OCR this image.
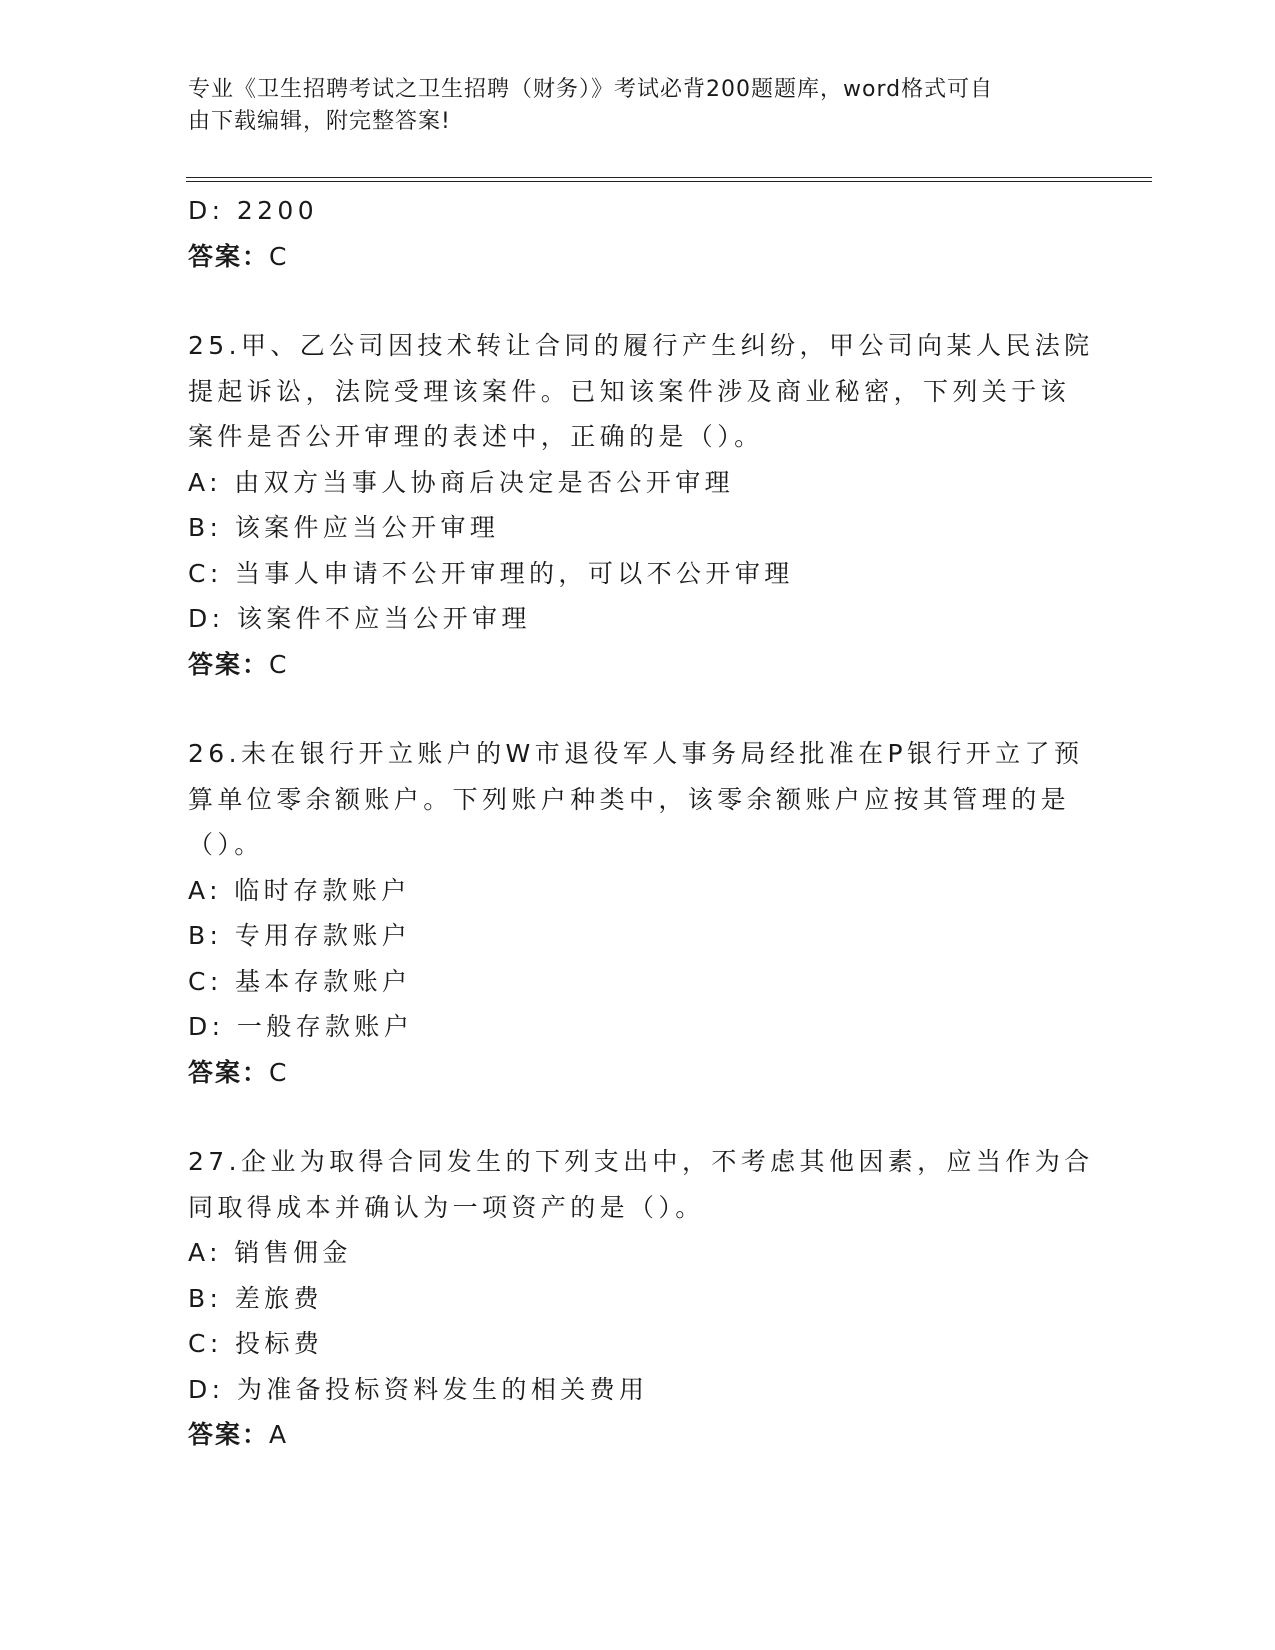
专业《卫生招聘考试之卫生招聘（财务）》考试必背200题题库，word格式可自
由下载编辑，附完整答案!
D: 2200
答案：C
25.甲、乙公司因技术转让合同的履行产生纠纷，甲公司向某人民法院
提起诉讼，法院受理该案件。已知该案件涉及商业秘密，下列关于该
案件是否公开审理的表述中，正确的是（）。
A: 由双方当事人协商后决定是否公开审理
B: 该案件应当公开审理
C: 当事人申请不公开审理的，可以不公开审理
D: 该案件不应当公开审理
答案：C
26.未在银行开立账户的W市退役军人事务局经批准在P银行开立了预
算单位零余额账户。下列账户种类中，该零余额账户应按其管理的是
（）。
A: 临时存款账户
B: 专用存款账户
C: 基本存款账户
D: 一般存款账户
答案：C
27.企业为取得合同发生的下列支出中，不考虑其他因素，应当作为合
同取得成本并确认为一项资产的是（）。
A: 销售佣金
B: 差旅费
C: 投标费
D: 为准备投标资料发生的相关费用
答案：A
